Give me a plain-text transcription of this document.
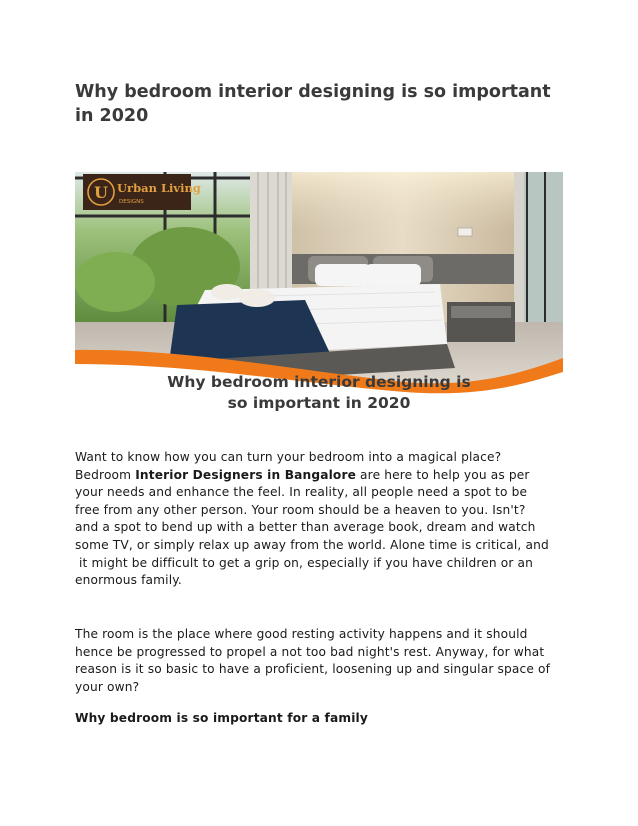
Why bedroom interior designing is so important in 2020
Why bedroom interior designing is
so important in 2020
U Urban Living
DESIGNS

Want to know how you can turn your bedroom into a magical place?
Bedroom Interior Designers in Bangalore are here to help you as per
your needs and enhance the feel. In reality, all people need a spot to be
free from any other person. Your room should be a heaven to you. Isn't?
and a spot to bend up with a better than average book, dream and watch
some TV, or simply relax up away from the world. Alone time is critical, and
it might be difficult to get a grip on, especially if you have children or an
enormous family.

The room is the place where good resting activity happens and it should
hence be progressed to propel a not too bad night's rest. Anyway, for what
reason is it so basic to have a proficient, loosening up and singular space of
your own?

Why bedroom is so important for a family
